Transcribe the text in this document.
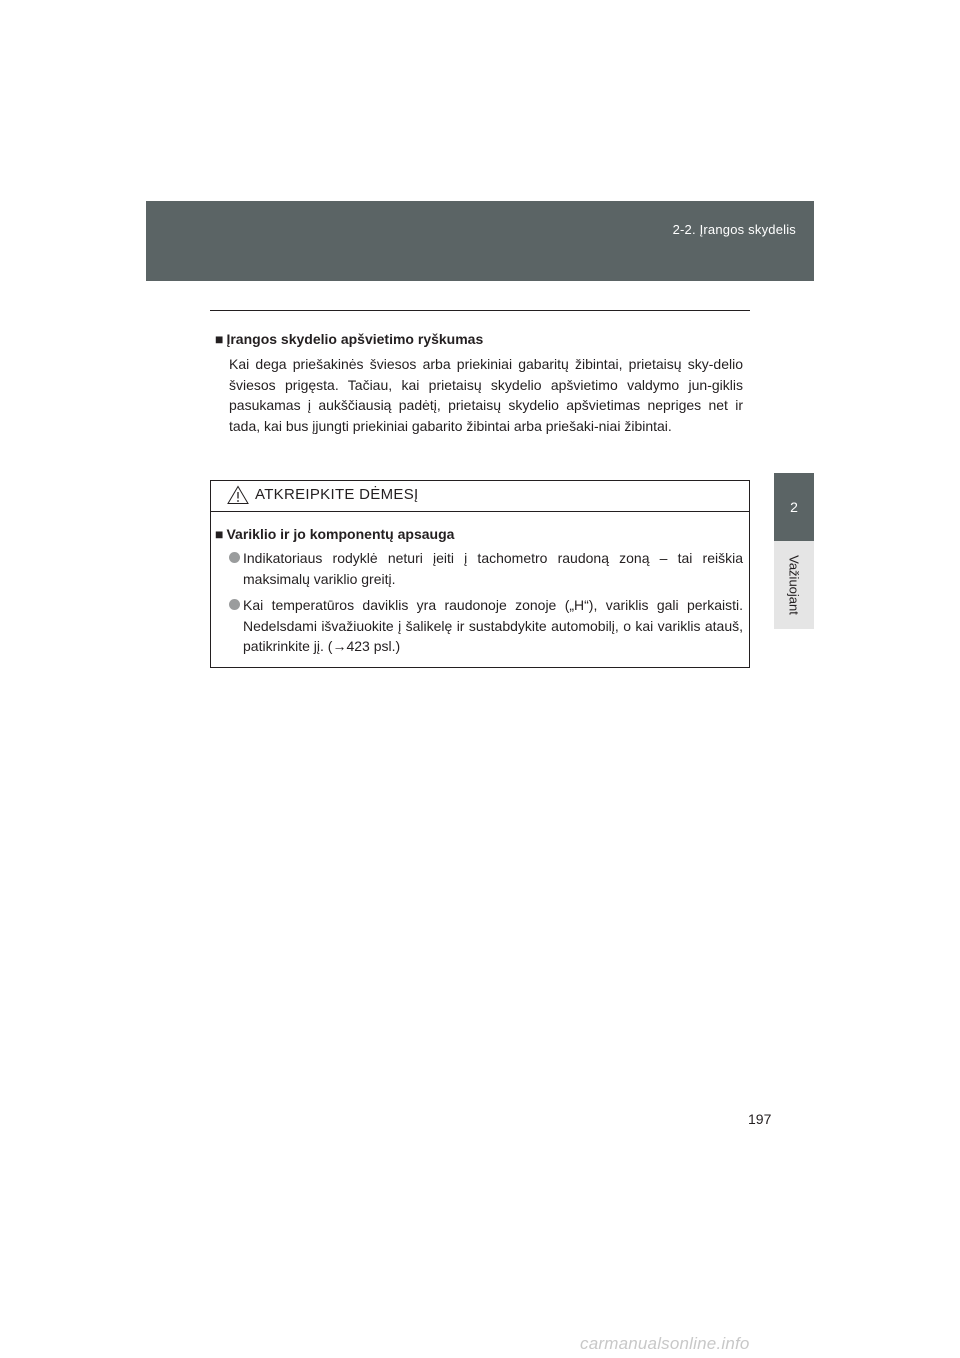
2-2. Įrangos skydelis
2
Važiuojant

■ Įrangos skydelio apšvietimo ryškumas

Kai dega priešakinės šviesos arba priekiniai gabaritų žibintai, prietaisų sky-delio šviesos prigęsta. Tačiau, kai prietaisų skydelio apšvietimo valdymo jun-giklis pasukamas į aukščiausią padėtį, prietaisų skydelio apšvietimas nepriges net ir tada, kai bus įjungti priekiniai gabarito žibintai arba priešaki-niai žibintai.

ATKREIPKITE DĖMESĮ

■ Variklio ir jo komponentų apsauga

Indikatoriaus rodyklė neturi įeiti į tachometro raudoną zoną – tai reiškia maksimalų variklio greitį.

Kai temperatūros daviklis yra raudonoje zonoje („H“), variklis gali perkaisti. Nedelsdami išvažiuokite į šalikelę ir sustabdykite automobilį, o kai variklis atauš, patikrinkite jį. (→423 psl.)

197
carmanualsonline.info
